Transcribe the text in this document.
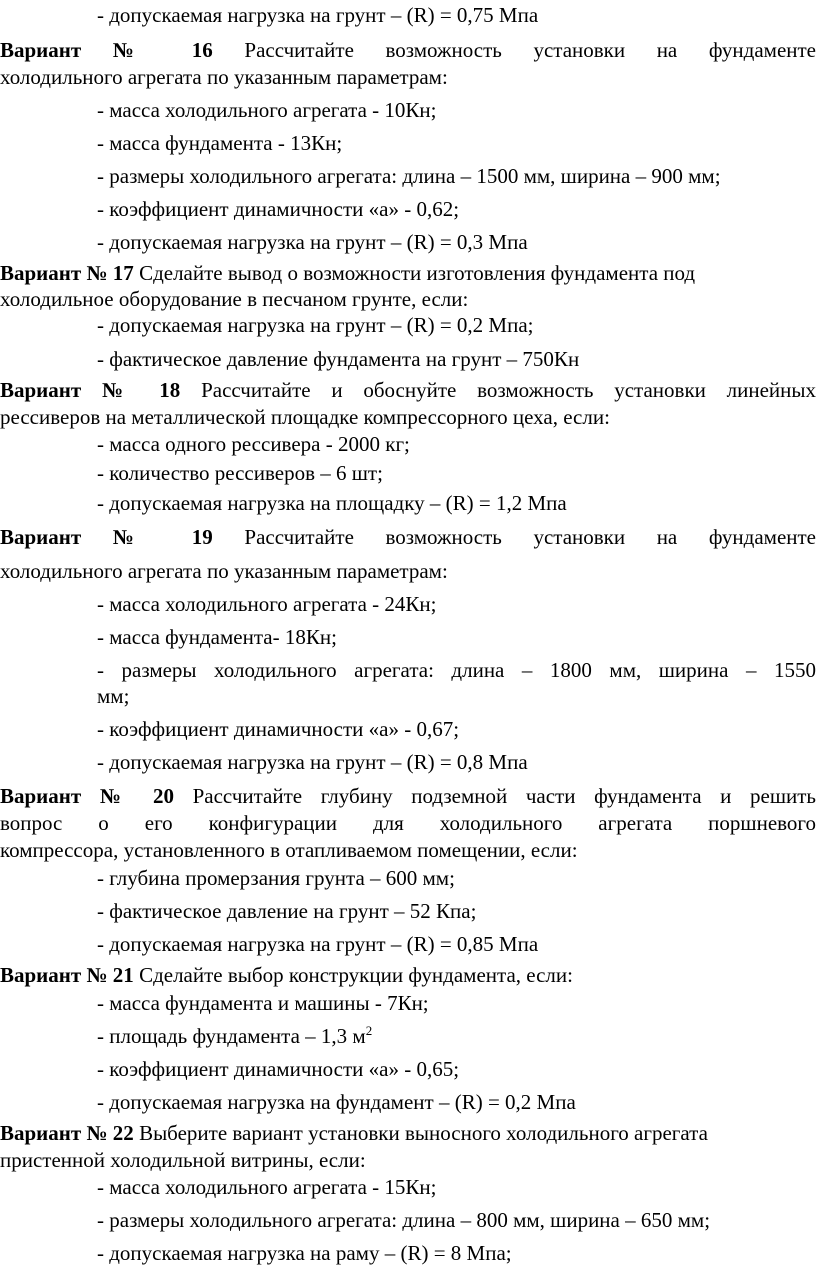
- допускаемая нагрузка на грунт – (R) = 0,75 Мпа

Вариант № 16 Рассчитайте возможность установки на фундаменте

холодильного агрегата по указанным параметрам:

- масса холодильного агрегата - 10Кн;

- масса фундамента - 13Кн;

- размеры холодильного агрегата: длина – 1500 мм, ширина – 900 мм;

- коэффициент динамичности «а» - 0,62;

- допускаемая нагрузка на грунт – (R) = 0,3 Мпа

Вариант № 17 Сделайте вывод о возможности изготовления фундамента под

холодильное оборудование в песчаном грунте, если:

- допускаемая нагрузка на грунт – (R) = 0,2 Мпа;

- фактическое давление фундамента на грунт – 750Кн

Вариант № 18 Рассчитайте и обоснуйте возможность установки линейных

рессиверов на металлической площадке компрессорного цеха, если:

- масса одного рессивера - 2000 кг;

- количество рессиверов – 6 шт;

- допускаемая нагрузка на площадку – (R) = 1,2 Мпа

Вариант № 19 Рассчитайте возможность установки на фундаменте

холодильного агрегата по указанным параметрам:

- масса холодильного агрегата - 24Кн;

- масса фундамента- 18Кн;

- размеры холодильного агрегата: длина – 1800 мм, ширина – 1550

мм;

- коэффициент динамичности «а» - 0,67;

- допускаемая нагрузка на грунт – (R) = 0,8 Мпа

Вариант № 20 Рассчитайте глубину подземной части фундамента и решить

вопрос о его конфигурации для холодильного агрегата поршневого

компрессора, установленного в отапливаемом помещении, если:

- глубина промерзания грунта – 600 мм;

- фактическое давление на грунт – 52 Кпа;

- допускаемая нагрузка на грунт – (R) = 0,85 Мпа

Вариант № 21 Сделайте выбор конструкции фундамента, если:

- масса фундамента и машины - 7Кн;

- площадь фундамента – 1,3 $м^2$

- коэффициент динамичности «а» - 0,65;

- допускаемая нагрузка на фундамент – (R) = 0,2 Мпа

Вариант № 22 Выберите вариант установки выносного холодильного агрегата

пристенной холодильной витрины, если:

- масса холодильного агрегата - 15Кн;

- размеры холодильного агрегата: длина – 800 мм, ширина – 650 мм;

- допускаемая нагрузка на раму – (R) = 8 Мпа;
